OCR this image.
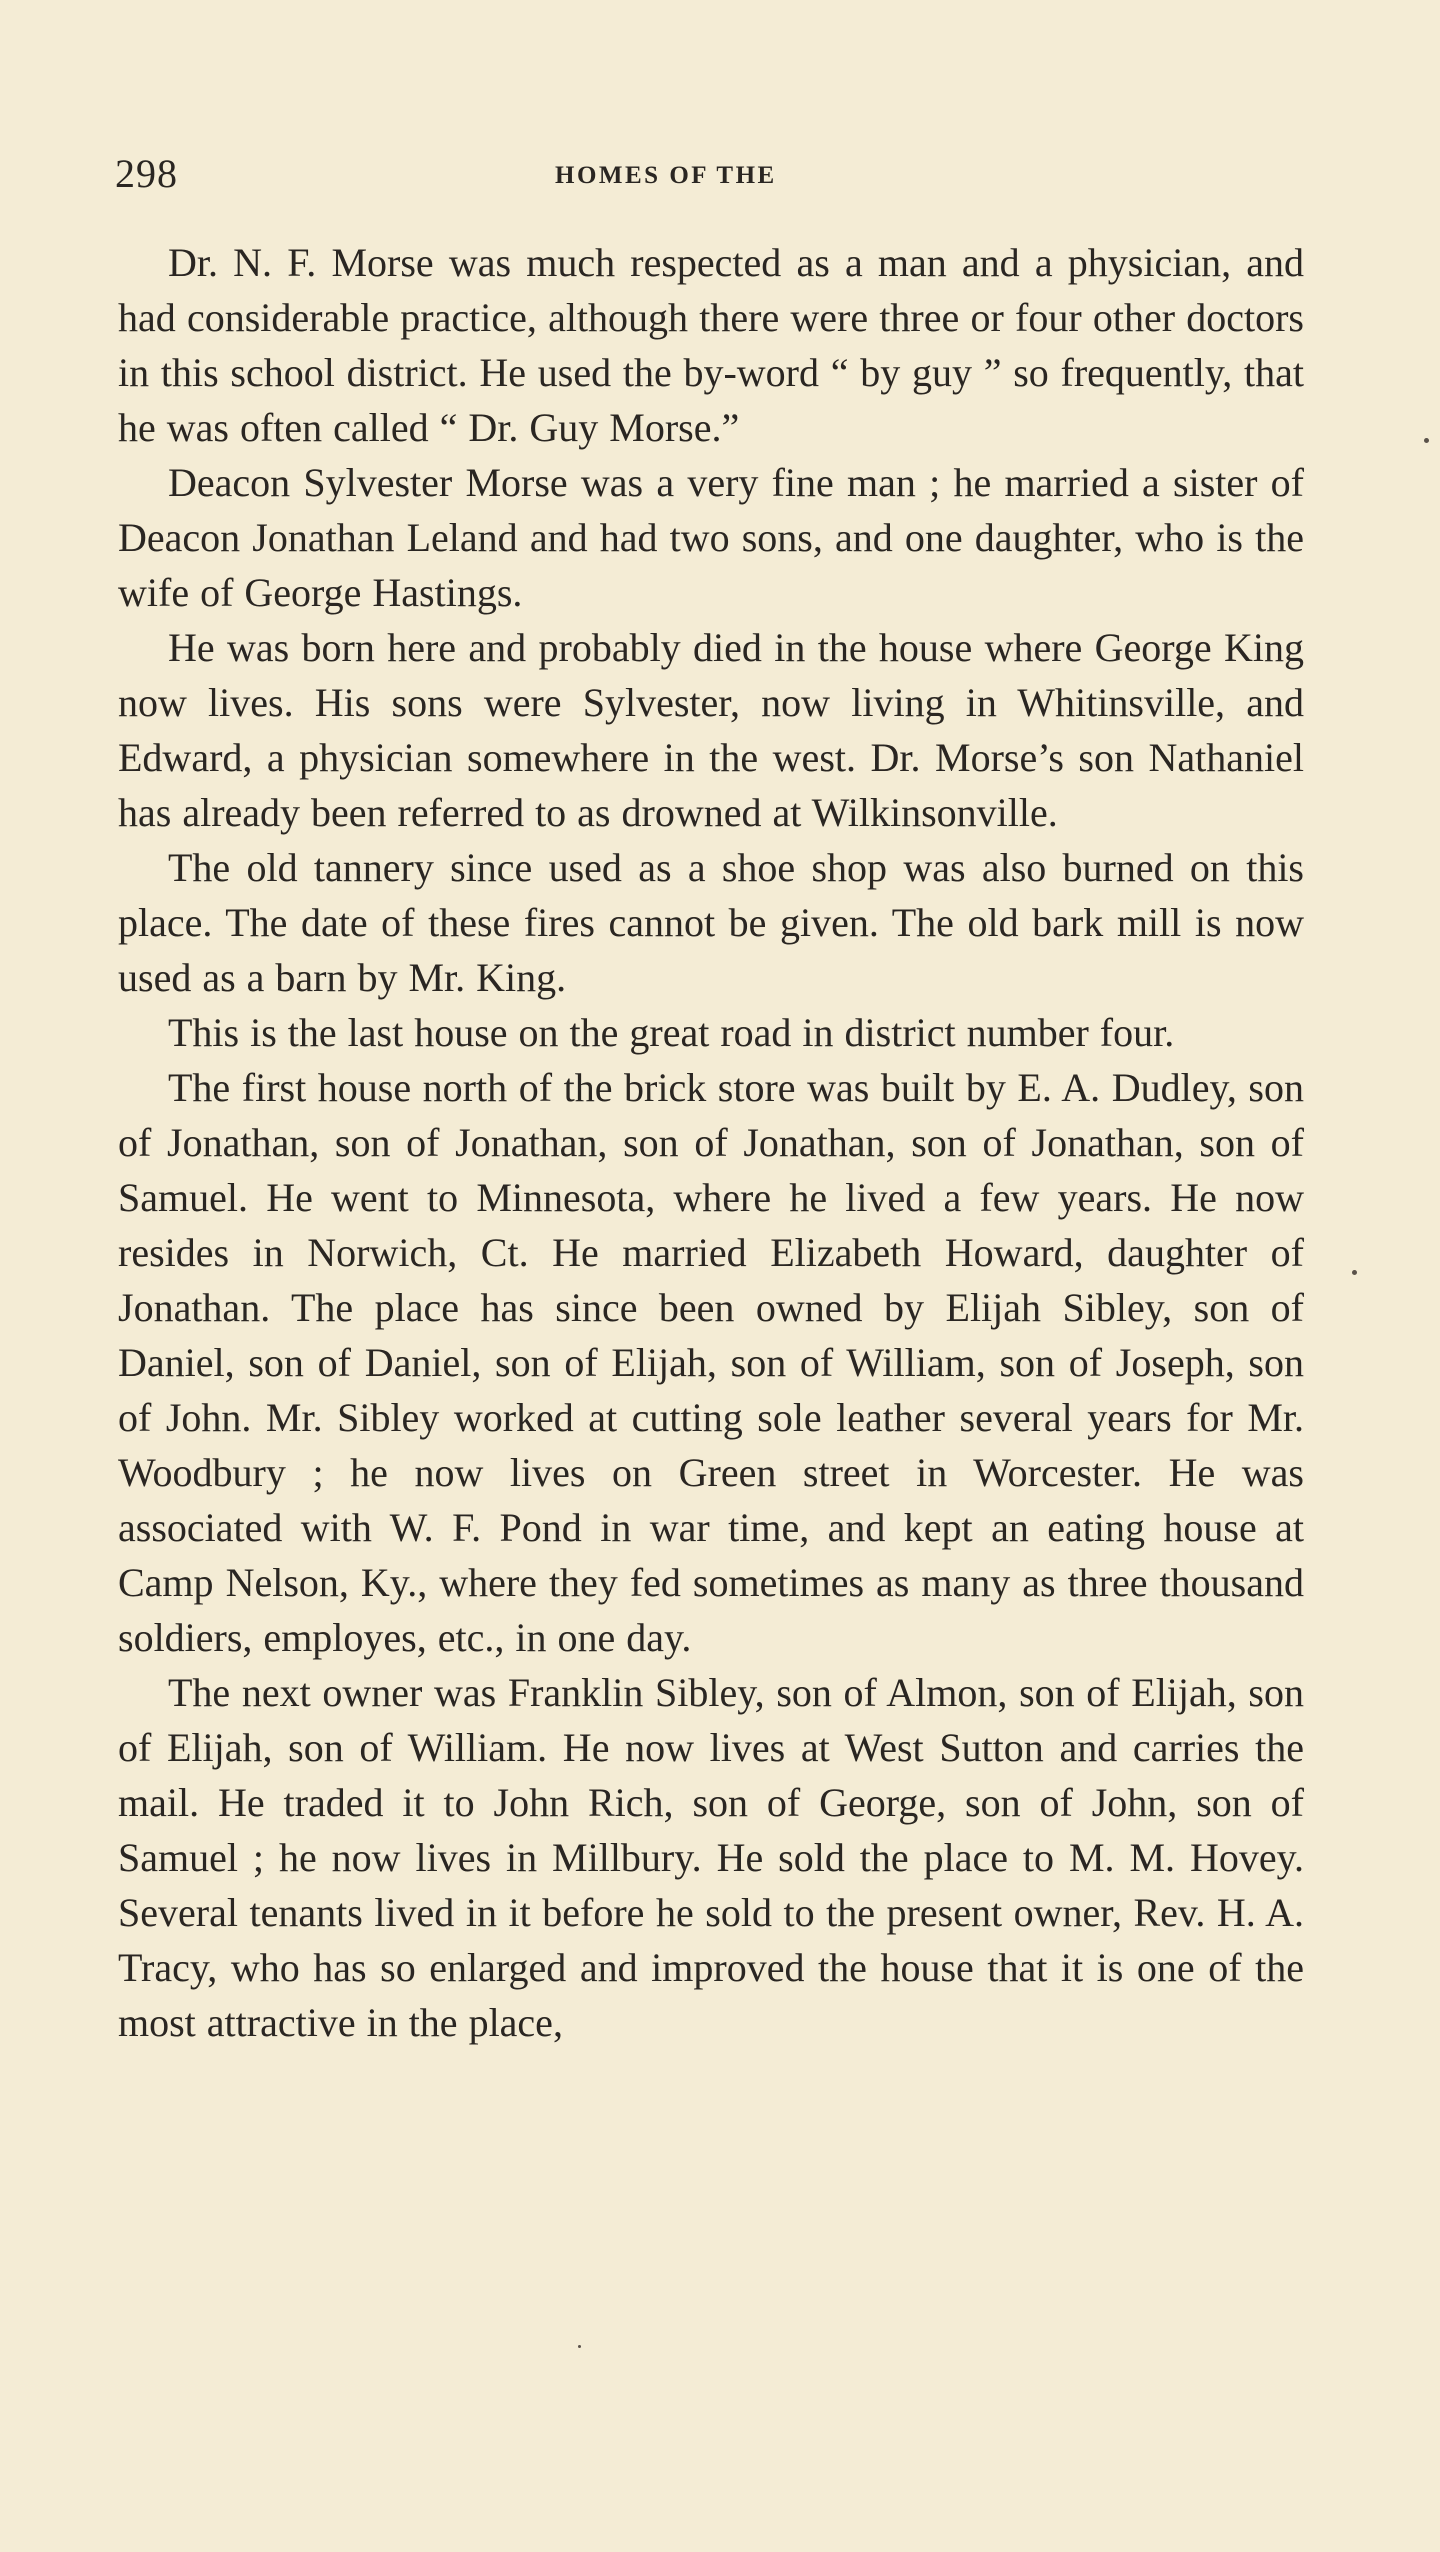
298	HOMES OF THE

Dr. N. F. Morse was much respected as a man and a physician, and had considerable practice, although there were three or four other doctors in this school district. He used the by-word “ by guy ” so frequently, that he was often called “ Dr. Guy Morse.”

Deacon Sylvester Morse was a very fine man ; he married a sister of Deacon Jonathan Leland and had two sons, and one daughter, who is the wife of George Hastings.

He was born here and probably died in the house where George King now lives. His sons were Sylvester, now living in Whitinsville, and Edward, a physician somewhere in the west. Dr. Morse’s son Nathaniel has already been referred to as drowned at Wilkinsonville.

The old tannery since used as a shoe shop was also burned on this place. The date of these fires cannot be given. The old bark mill is now used as a barn by Mr. King.

This is the last house on the great road in district number four.

The first house north of the brick store was built by E. A. Dudley, son of Jonathan, son of Jonathan, son of Jonathan, son of Jonathan, son of Samuel. He went to Minnesota, where he lived a few years. He now resides in Norwich, Ct. He married Elizabeth Howard, daughter of Jonathan. The place has since been owned by Elijah Sibley, son of Daniel, son of Daniel, son of Elijah, son of William, son of Joseph, son of John. Mr. Sibley worked at cutting sole leather several years for Mr. Woodbury ; he now lives on Green street in Worcester. He was associated with W. F. Pond in war time, and kept an eating house at Camp Nelson, Ky., where they fed sometimes as many as three thousand soldiers, employes, etc., in one day.

The next owner was Franklin Sibley, son of Almon, son of Elijah, son of Elijah, son of William. He now lives at West Sutton and carries the mail. He traded it to John Rich, son of George, son of John, son of Samuel ; he now lives in Millbury. He sold the place to M. M. Hovey. Several tenants lived in it before he sold to the present owner, Rev. H. A. Tracy, who has so enlarged and improved the house that it is one of the most attractive in the place,
